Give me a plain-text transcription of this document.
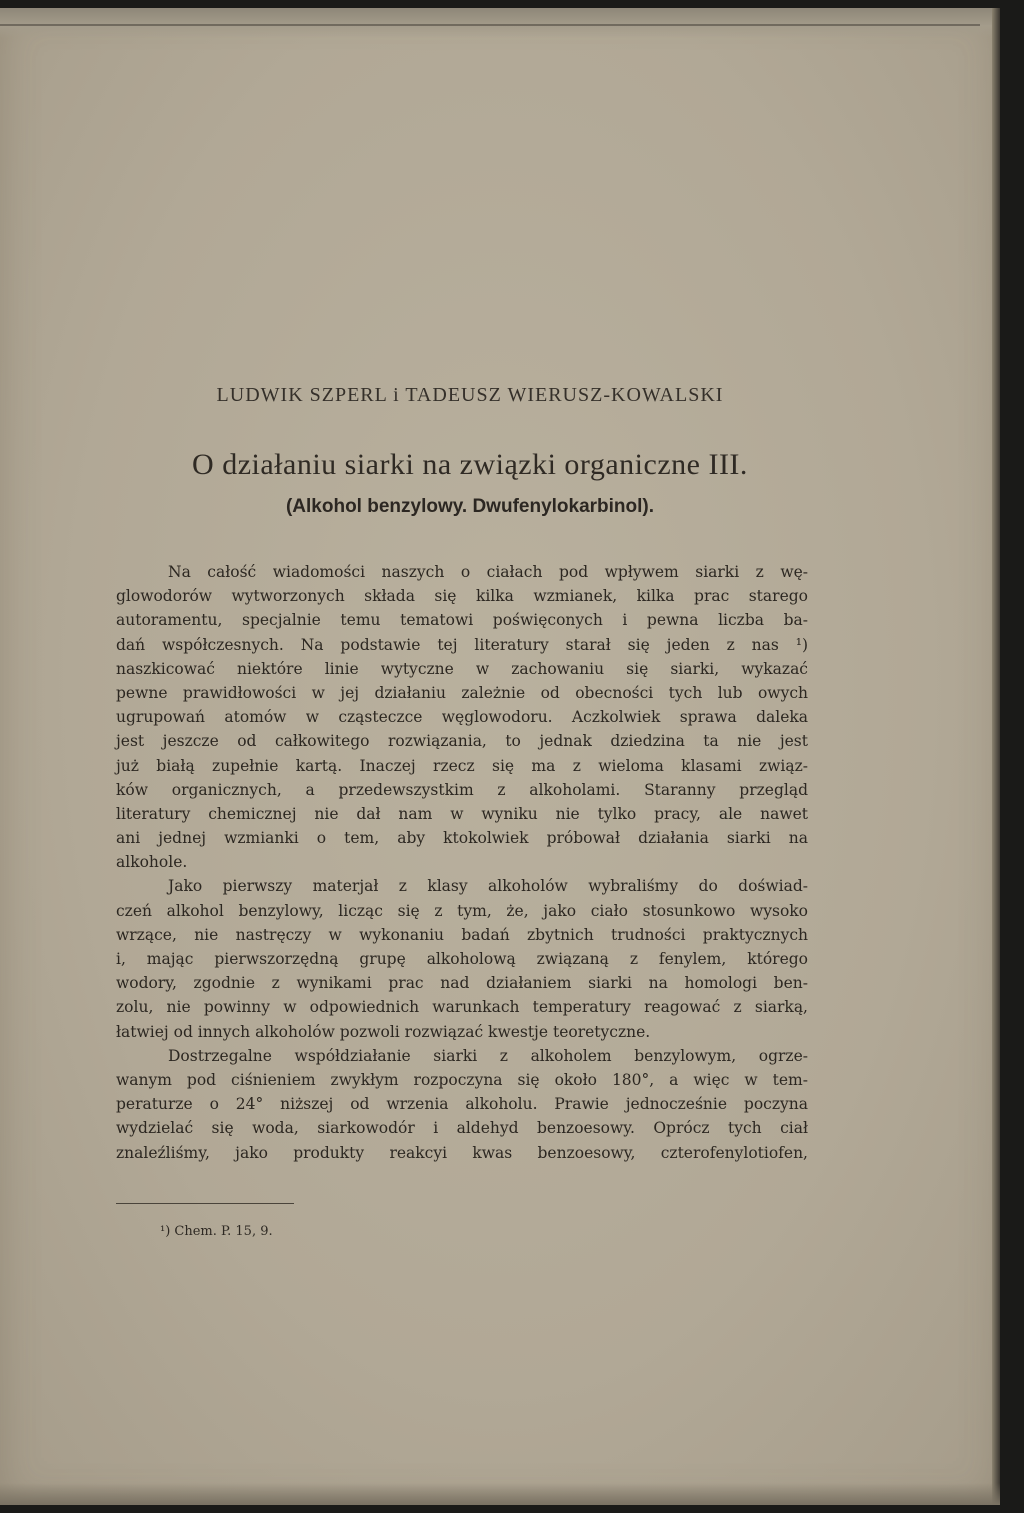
LUDWIK SZPERL i TADEUSZ WIERUSZ-KOWALSKI
O działaniu siarki na związki organiczne III.
(Alkohol benzylowy. Dwufenylokarbinol).
Na całość wiadomości naszych o ciałach pod wpływem siarki z wę-
glowodorów wytworzonych składa się kilka wzmianek, kilka prac starego
autoramentu, specjalnie temu tematowi poświęconych i pewna liczba ba-
dań współczesnych. Na podstawie tej literatury starał się jeden z nas ¹)
naszkicować niektóre linie wytyczne w zachowaniu się siarki, wykazać
pewne prawidłowości w jej działaniu zależnie od obecności tych lub owych
ugrupowań atomów w cząsteczce węglowodoru. Aczkolwiek sprawa daleka
jest jeszcze od całkowitego rozwiązania, to jednak dziedzina ta nie jest
już białą zupełnie kartą. Inaczej rzecz się ma z wieloma klasami związ-
ków organicznych, a przedewszystkim z alkoholami. Staranny przegląd
literatury chemicznej nie dał nam w wyniku nie tylko pracy, ale nawet
ani jednej wzmianki o tem, aby ktokolwiek próbował działania siarki na
alkohole.
Jako pierwszy materjał z klasy alkoholów wybraliśmy do doświad-
czeń alkohol benzylowy, licząc się z tym, że, jako ciało stosunkowo wysoko
wrzące, nie nastręczy w wykonaniu badań zbytnich trudności praktycznych
i, mając pierwszorzędną grupę alkoholową związaną z fenylem, którego
wodory, zgodnie z wynikami prac nad działaniem siarki na homologi ben-
zolu, nie powinny w odpowiednich warunkach temperatury reagować z siarką,
łatwiej od innych alkoholów pozwoli rozwiązać kwestje teoretyczne.
Dostrzegalne współdziałanie siarki z alkoholem benzylowym, ogrze-
wanym pod ciśnieniem zwykłym rozpoczyna się około 180°, a więc w tem-
peraturze o 24° niższej od wrzenia alkoholu. Prawie jednocześnie poczyna
wydzielać się woda, siarkowodór i aldehyd benzoesowy. Oprócz tych ciał
znaleźliśmy, jako produkty reakcyi kwas benzoesowy, czterofenylotiofen,
¹) Chem. P. 15, 9.
